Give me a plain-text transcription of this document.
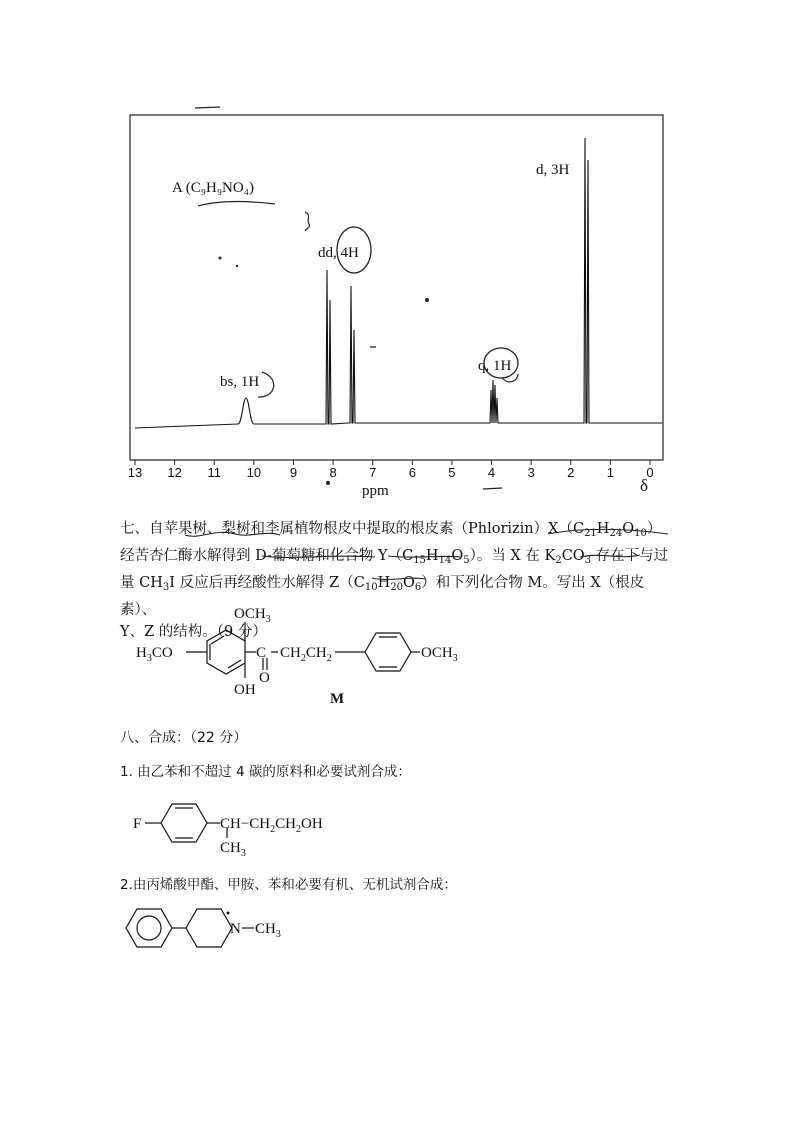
A (C₉H₉NO₄)
bs, 1H
dd, 4H
q, 1H
d, 3H
13 12 11 10 9 8 7 6 5 4 3 2 1 0
ppm	δ

七、自苹果树、梨树和李属植物根皮中提取的根皮素$(Phlorizin)X(C_{21}H_{24}O_{10})$

经苦杏仁酶水解得到 D-葡萄糖和化合物 $Y(C_{15}H_{14}O_5)$。当 X 在 $K_2CO_3$ 存在下与过

量 $CH_3I$ 反应后再经酸性水解得 $Z(C_{10}H_{20}O_6)$和下列化合物 M。写出 X（根皮素）、

Y、Z 的结构。（9 分）

$H_3CO$
$OCH_3$
OH
C
O
$CH_2CH_2$	$OCH_3$
M
八、合成：（22 分）
1. 由乙苯和不超过 4 碳的原料和必要试剂合成：
F	$CH-CH_2CH_2OH$
$CH_3$
2.由丙烯酸甲酯、甲胺、苯和必要有机、无机试剂合成：
N $CH_3$
